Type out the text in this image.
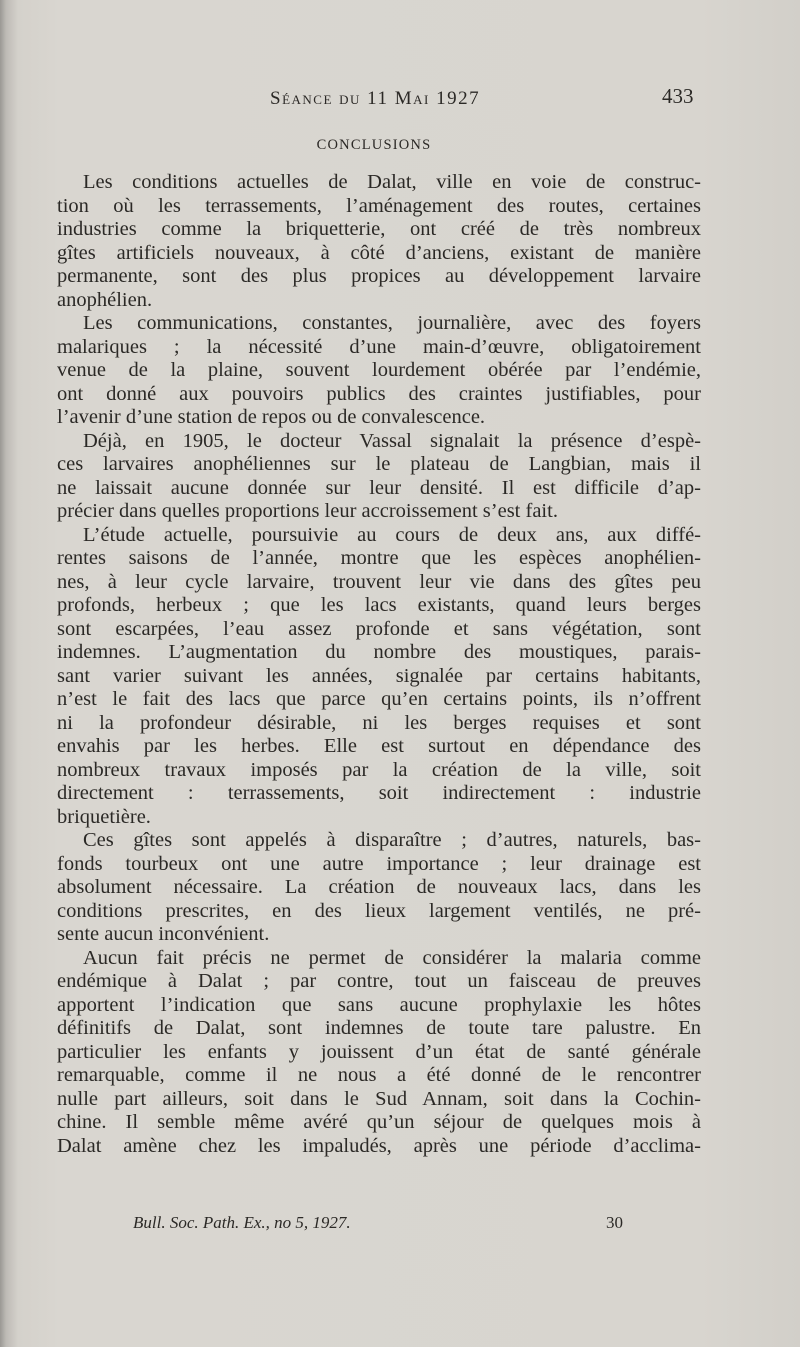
Séance du 11 Mai 1927	433
CONCLUSIONS
Les conditions actuelles de Dalat, ville en voie de construc-
tion où les terrassements, l’aménagement des routes, certaines
industries comme la briquetterie, ont créé de très nombreux
gîtes artificiels nouveaux, à côté d’anciens, existant de manière
permanente, sont des plus propices au développement larvaire
anophélien.
Les communications, constantes, journalière, avec des foyers
malariques ; la nécessité d’une main-d’œuvre, obligatoirement
venue de la plaine, souvent lourdement obérée par l’endémie,
ont donné aux pouvoirs publics des craintes justifiables, pour
l’avenir d’une station de repos ou de convalescence.
Déjà, en 1905, le docteur Vassal signalait la présence d’espè-
ces larvaires anophéliennes sur le plateau de Langbian, mais il
ne laissait aucune donnée sur leur densité. Il est difficile d’ap-
précier dans quelles proportions leur accroissement s’est fait.
L’étude actuelle, poursuivie au cours de deux ans, aux diffé-
rentes saisons de l’année, montre que les espèces anophélien-
nes, à leur cycle larvaire, trouvent leur vie dans des gîtes peu
profonds, herbeux ; que les lacs existants, quand leurs berges
sont escarpées, l’eau assez profonde et sans végétation, sont
indemnes. L’augmentation du nombre des moustiques, parais-
sant varier suivant les années, signalée par certains habitants,
n’est le fait des lacs que parce qu’en certains points, ils n’offrent
ni la profondeur désirable, ni les berges requises et sont
envahis par les herbes. Elle est surtout en dépendance des
nombreux travaux imposés par la création de la ville, soit
directement : terrassements, soit indirectement : industrie
briquetière.
Ces gîtes sont appelés à disparaître ; d’autres, naturels, bas-
fonds tourbeux ont une autre importance ; leur drainage est
absolument nécessaire. La création de nouveaux lacs, dans les
conditions prescrites, en des lieux largement ventilés, ne pré-
sente aucun inconvénient.
Aucun fait précis ne permet de considérer la malaria comme
endémique à Dalat ; par contre, tout un faisceau de preuves
apportent l’indication que sans aucune prophylaxie les hôtes
définitifs de Dalat, sont indemnes de toute tare palustre. En
particulier les enfants y jouissent d’un état de santé générale
remarquable, comme il ne nous a été donné de le rencontrer
nulle part ailleurs, soit dans le Sud Annam, soit dans la Cochin-
chine. Il semble même avéré qu’un séjour de quelques mois à
Dalat amène chez les impaludés, après une période d’acclima-
Bull. Soc. Path. Ex., no 5, 1927.	30
